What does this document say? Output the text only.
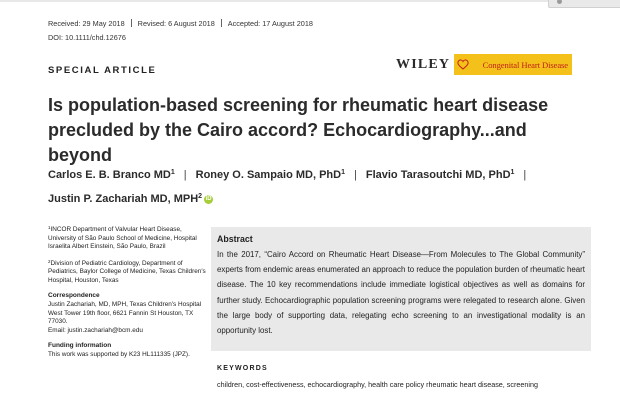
Received: 29 May 2018 Revised: 6 August 2018 Accepted: 17 August 2018
DOI: 10.1111/chd.12676
SPECIAL ARTICLE	WILEY	Congenital Heart Disease
Is population-based screening for rheumatic heart disease
precluded by the Cairo accord? Echocardiography...and beyond
Carlos E. B. Branco $MD^1$ | Roney O. Sampaio MD, PhD$^1$ | Flavio Tarasoutchi MD, PhD$^1$ |
Justin P. Zachariah MD, MPH$^2$ iD

$^1$INCOR Department of Valvular Heart Disease, University of São Paulo School of Medicine, Hospital Israelita Albert Einstein, São Paulo, Brazil

$^2$Division of Pediatric Cardiology, Department of Pediatrics, Baylor College of Medicine, Texas Children's Hospital, Houston, Texas

Correspondence

Justin Zachariah, MD, MPH, Texas Children's Hospital West Tower 19th floor, 6621 Fannin St Houston, TX 77030.
Email: justin.zachariah@bcm.edu

Funding information

This work was supported by K23 HL111335 (JPZ).

Abstract
In the 2017, “Cairo Accord on Rheumatic Heart Disease—From Molecules to The Global Community” experts from endemic areas enumerated an approach to reduce the population burden of rheumatic heart disease. The 10 key recommendations include immediate logistical objectives as well as domains for further study. Echocardiographic population screening programs were relegated to research alone. Given the large body of supporting data, relegating echo screening to an investigational modality is an opportunity lost.
KEYWORDS
children, cost-effectiveness, echocardiography, health care policy rheumatic heart disease, screening
